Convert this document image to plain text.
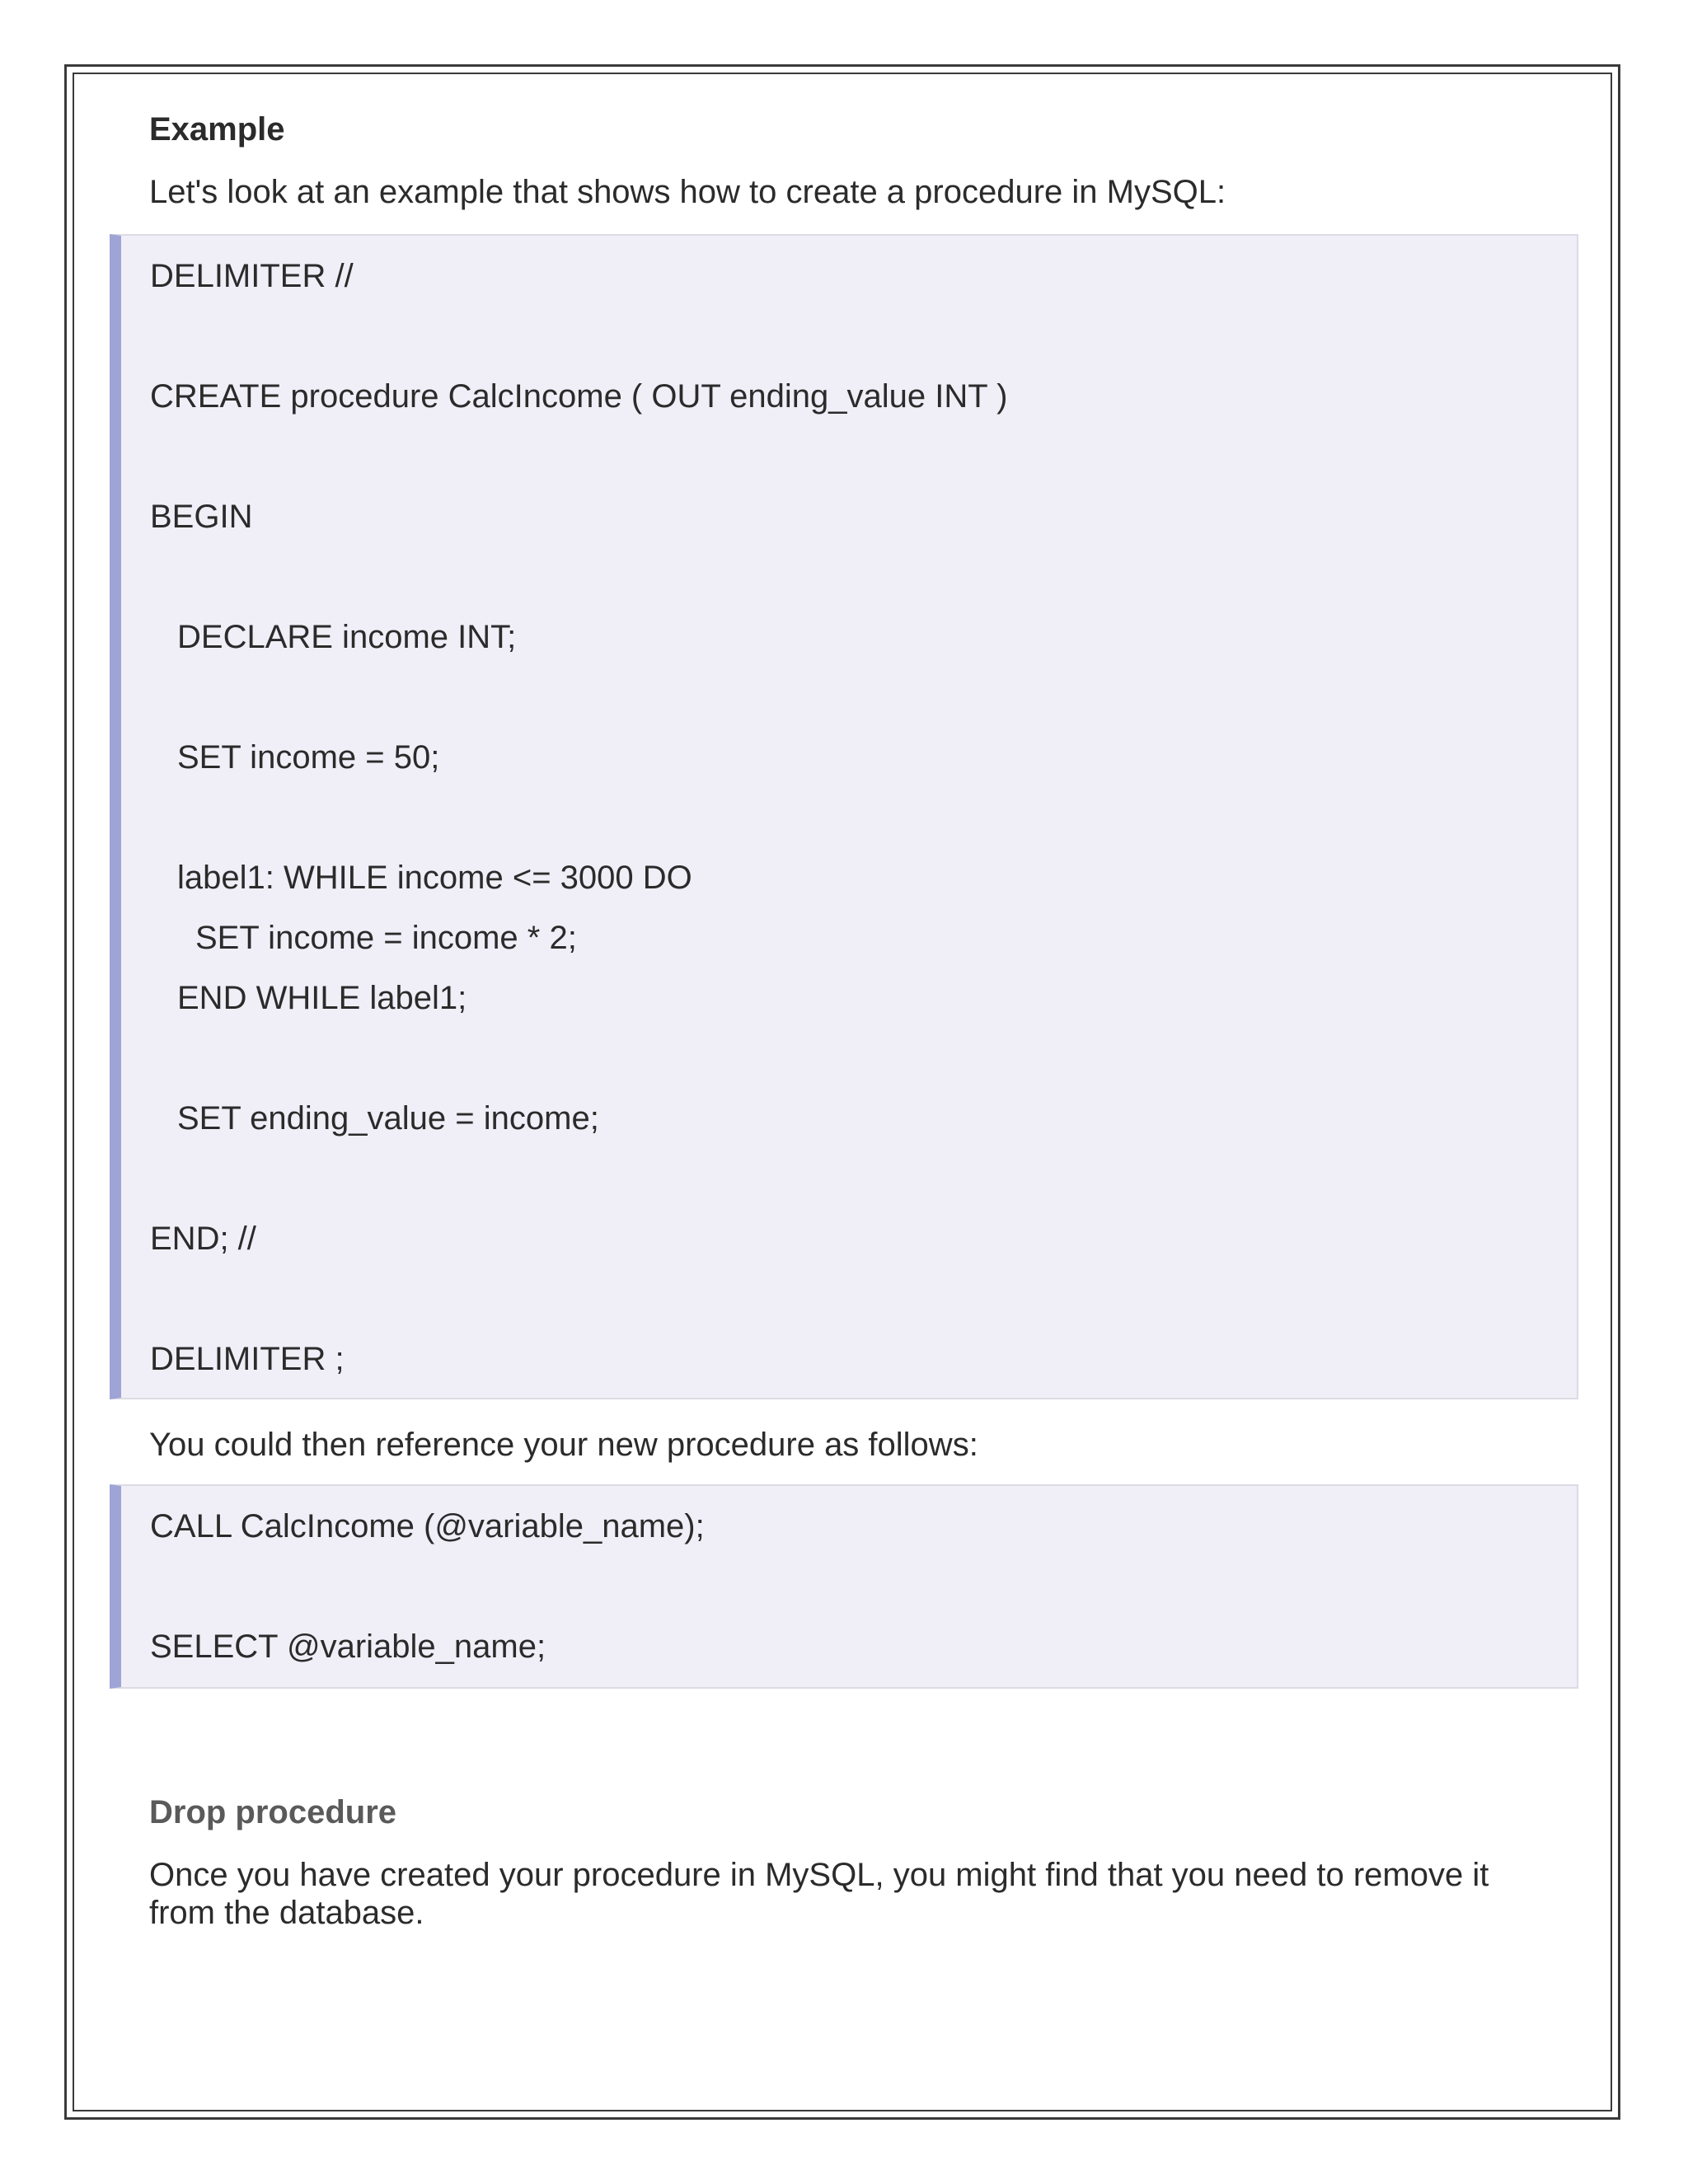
Example
Let's look at an example that shows how to create a procedure in MySQL:
DELIMITER //
CREATE procedure CalcIncome ( OUT ending_value INT )
BEGIN
DECLARE income INT;
SET income = 50;
label1: WHILE income <= 3000 DO
SET income = income * 2;
END WHILE label1;
SET ending_value = income;
END; //
DELIMITER ;
You could then reference your new procedure as follows:
CALL CalcIncome (@variable_name);
SELECT @variable_name;
Drop procedure
Once you have created your procedure in MySQL, you might find that you need to remove it from the database.
